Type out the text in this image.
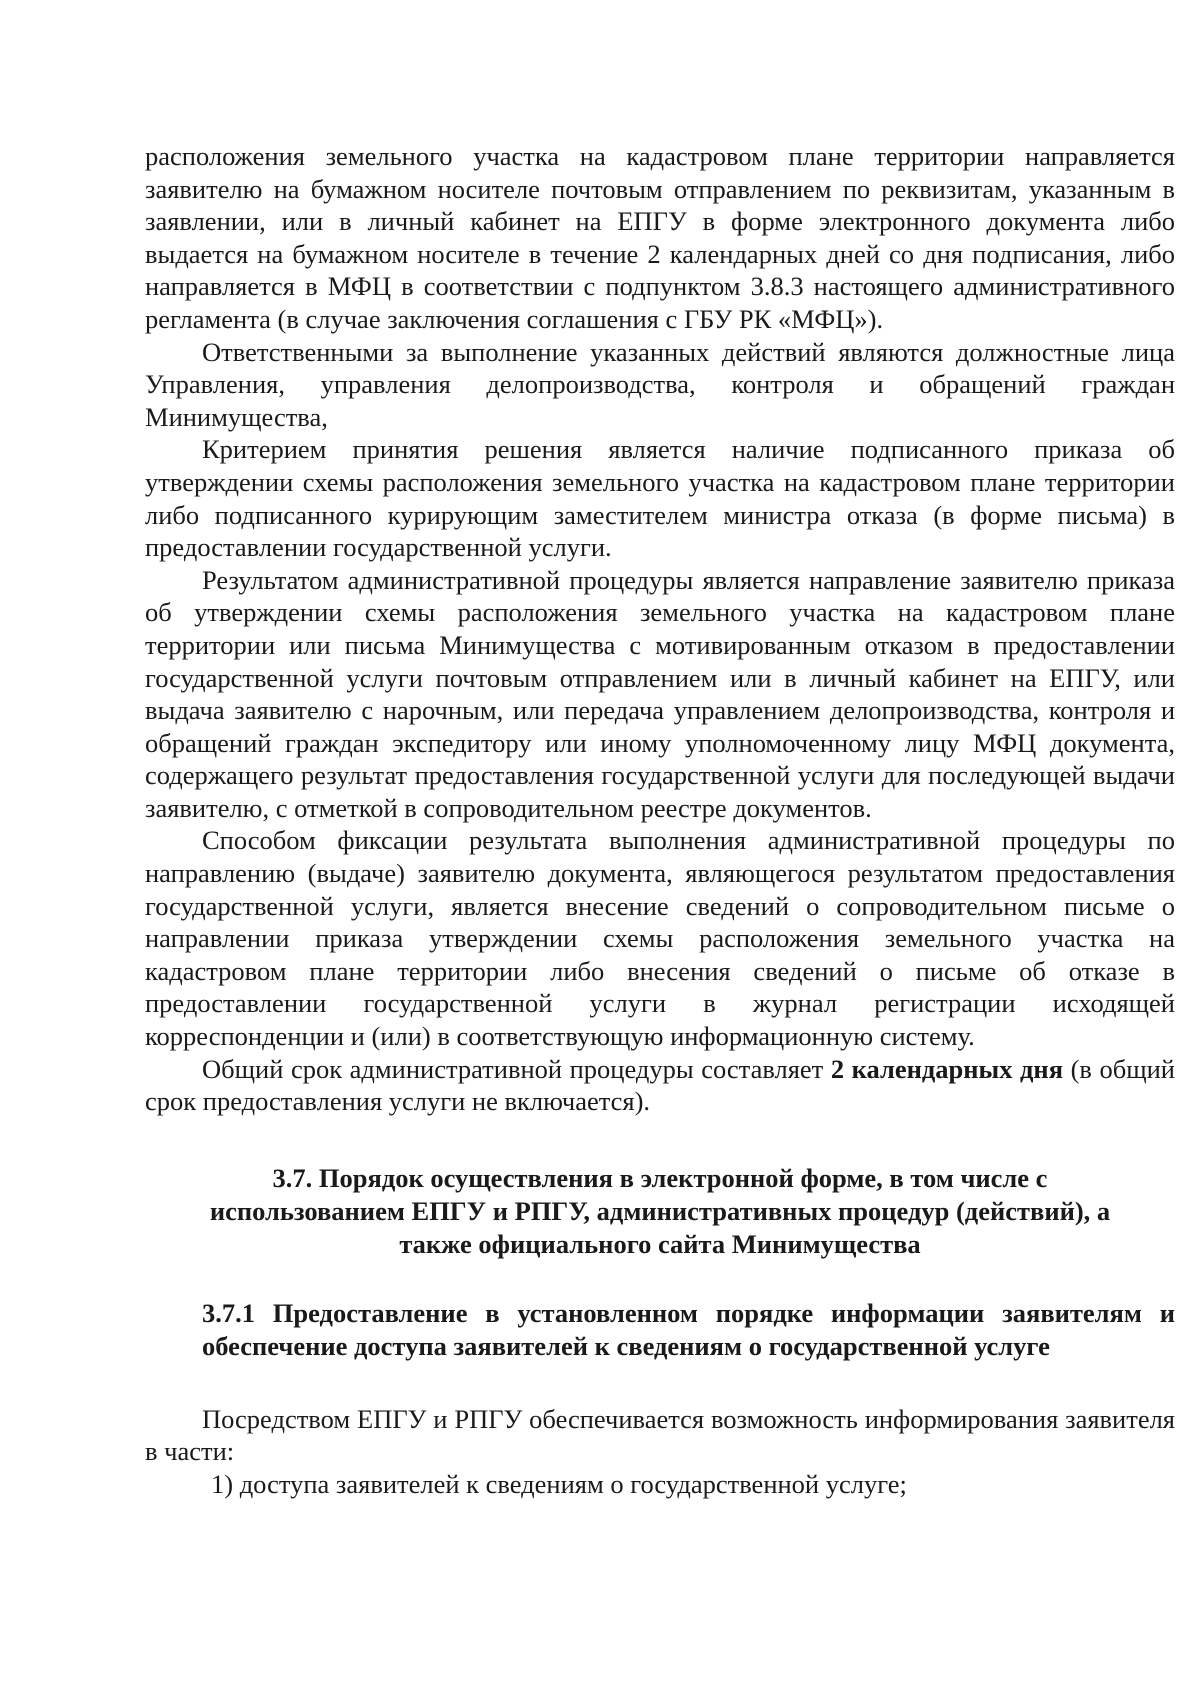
расположения земельного участка на кадастровом плане территории направляется заявителю на бумажном носителе почтовым отправлением по реквизитам, указанным в заявлении, или в личный кабинет на ЕПГУ в форме электронного документа либо выдается на бумажном носителе в течение 2 календарных дней со дня подписания, либо направляется в МФЦ в соответствии с подпунктом 3.8.3 настоящего административного регламента (в случае заключения соглашения с ГБУ РК «МФЦ»).

Ответственными за выполнение указанных действий являются должностные лица Управления, управления делопроизводства, контроля и обращений граждан Минимущества,

Критерием принятия решения является наличие подписанного приказа об утверждении схемы расположения земельного участка на кадастровом плане территории либо подписанного курирующим заместителем министра отказа (в форме письма) в предоставлении государственной услуги.

Результатом административной процедуры является направление заявителю приказа об утверждении схемы расположения земельного участка на кадастровом плане территории или письма Минимущества с мотивированным отказом в предоставлении государственной услуги почтовым отправлением или в личный кабинет на ЕПГУ, или выдача заявителю с нарочным, или передача управлением делопроизводства, контроля и обращений граждан экспедитору или иному уполномоченному лицу МФЦ документа, содержащего результат предоставления государственной услуги для последующей выдачи заявителю, с отметкой в сопроводительном реестре документов.

Способом фиксации результата выполнения административной процедуры по направлению (выдаче) заявителю документа, являющегося результатом предоставления государственной услуги, является внесение сведений о сопроводительном письме о направлении приказа утверждении схемы расположения земельного участка на кадастровом плане территории либо внесения сведений о письме об отказе в предоставлении государственной услуги в журнал регистрации исходящей корреспонденции и (или) в соответствующую информационную систему.

Общий срок административной процедуры составляет 2 календарных дня (в общий срок предоставления услуги не включается).

3.7. Порядок осуществления в электронной форме, в том числе с
использованием ЕПГУ и РПГУ, административных процедур (действий), а
также официального сайта Минимущества
3.7.1 Предоставление в установленном порядке информации заявителям и обеспечение доступа заявителей к сведениям о государственной услуге

Посредством ЕПГУ и РПГУ обеспечивается возможность информирования заявителя в части:

1) доступа заявителей к сведениям о государственной услуге;
